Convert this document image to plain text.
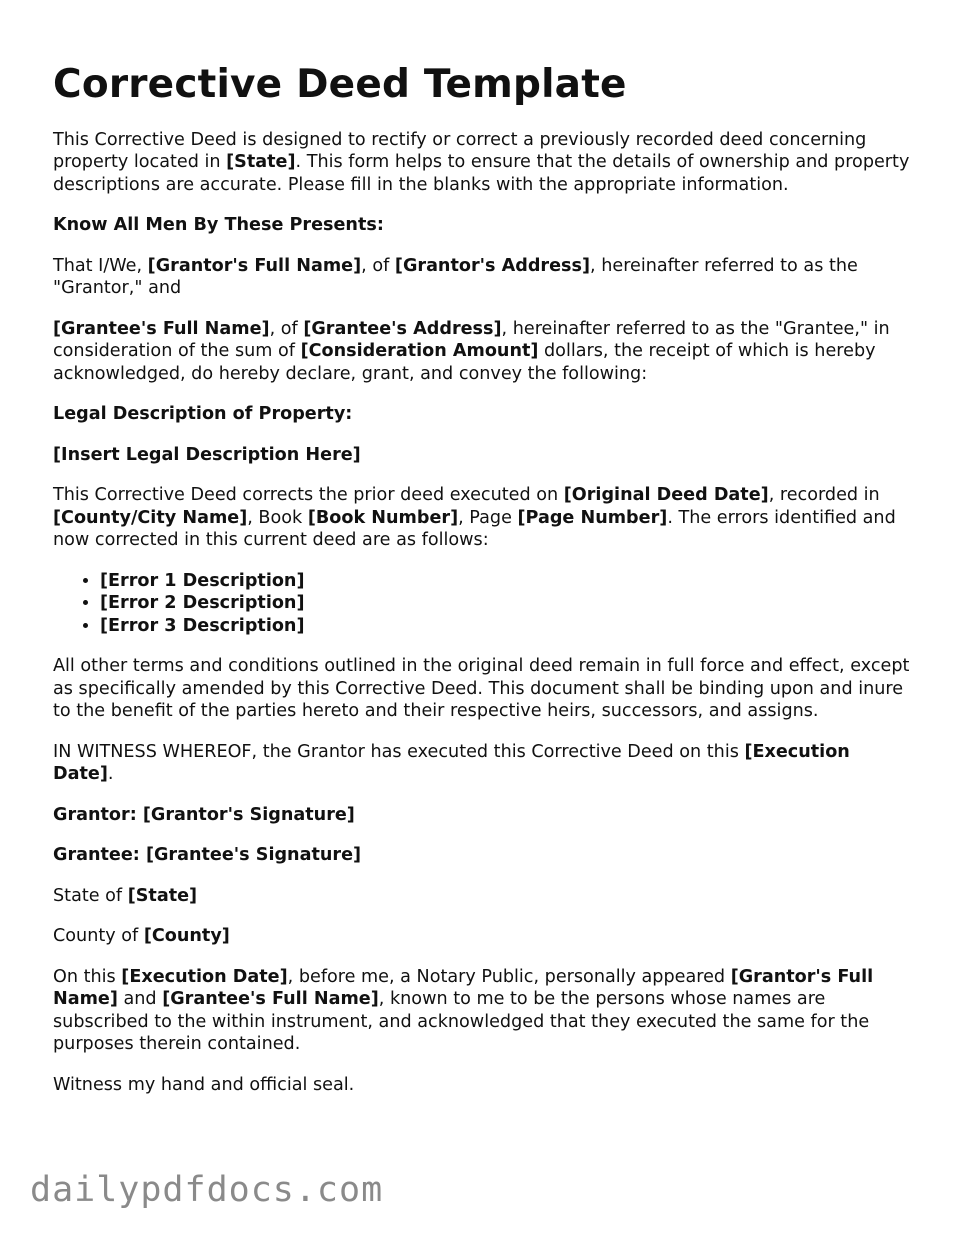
Corrective Deed Template

This Corrective Deed is designed to rectify or correct a previously recorded deed concerning property located in [State]. This form helps to ensure that the details of ownership and property descriptions are accurate. Please fill in the blanks with the appropriate information.

Know All Men By These Presents:

That I/We, [Grantor's Full Name], of [Grantor's Address], hereinafter referred to as the "Grantor," and

[Grantee's Full Name], of [Grantee's Address], hereinafter referred to as the "Grantee," in consideration of the sum of [Consideration Amount] dollars, the receipt of which is hereby acknowledged, do hereby declare, grant, and convey the following:

Legal Description of Property:

[Insert Legal Description Here]

This Corrective Deed corrects the prior deed executed on [Original Deed Date], recorded in [County/City Name], Book [Book Number], Page [Page Number]. The errors identified and now corrected in this current deed are as follows:

• [Error 1 Description]
• [Error 2 Description]
• [Error 3 Description]

All other terms and conditions outlined in the original deed remain in full force and effect, except as specifically amended by this Corrective Deed. This document shall be binding upon and inure to the benefit of the parties hereto and their respective heirs, successors, and assigns.

IN WITNESS WHEREOF, the Grantor has executed this Corrective Deed on this [Execution Date].

Grantor: [Grantor's Signature]

Grantee: [Grantee's Signature]

State of [State]

County of [County]

On this [Execution Date], before me, a Notary Public, personally appeared [Grantor's Full Name] and [Grantee's Full Name], known to me to be the persons whose names are subscribed to the within instrument, and acknowledged that they executed the same for the purposes therein contained.

Witness my hand and official seal.

dailypdfdocs.com
